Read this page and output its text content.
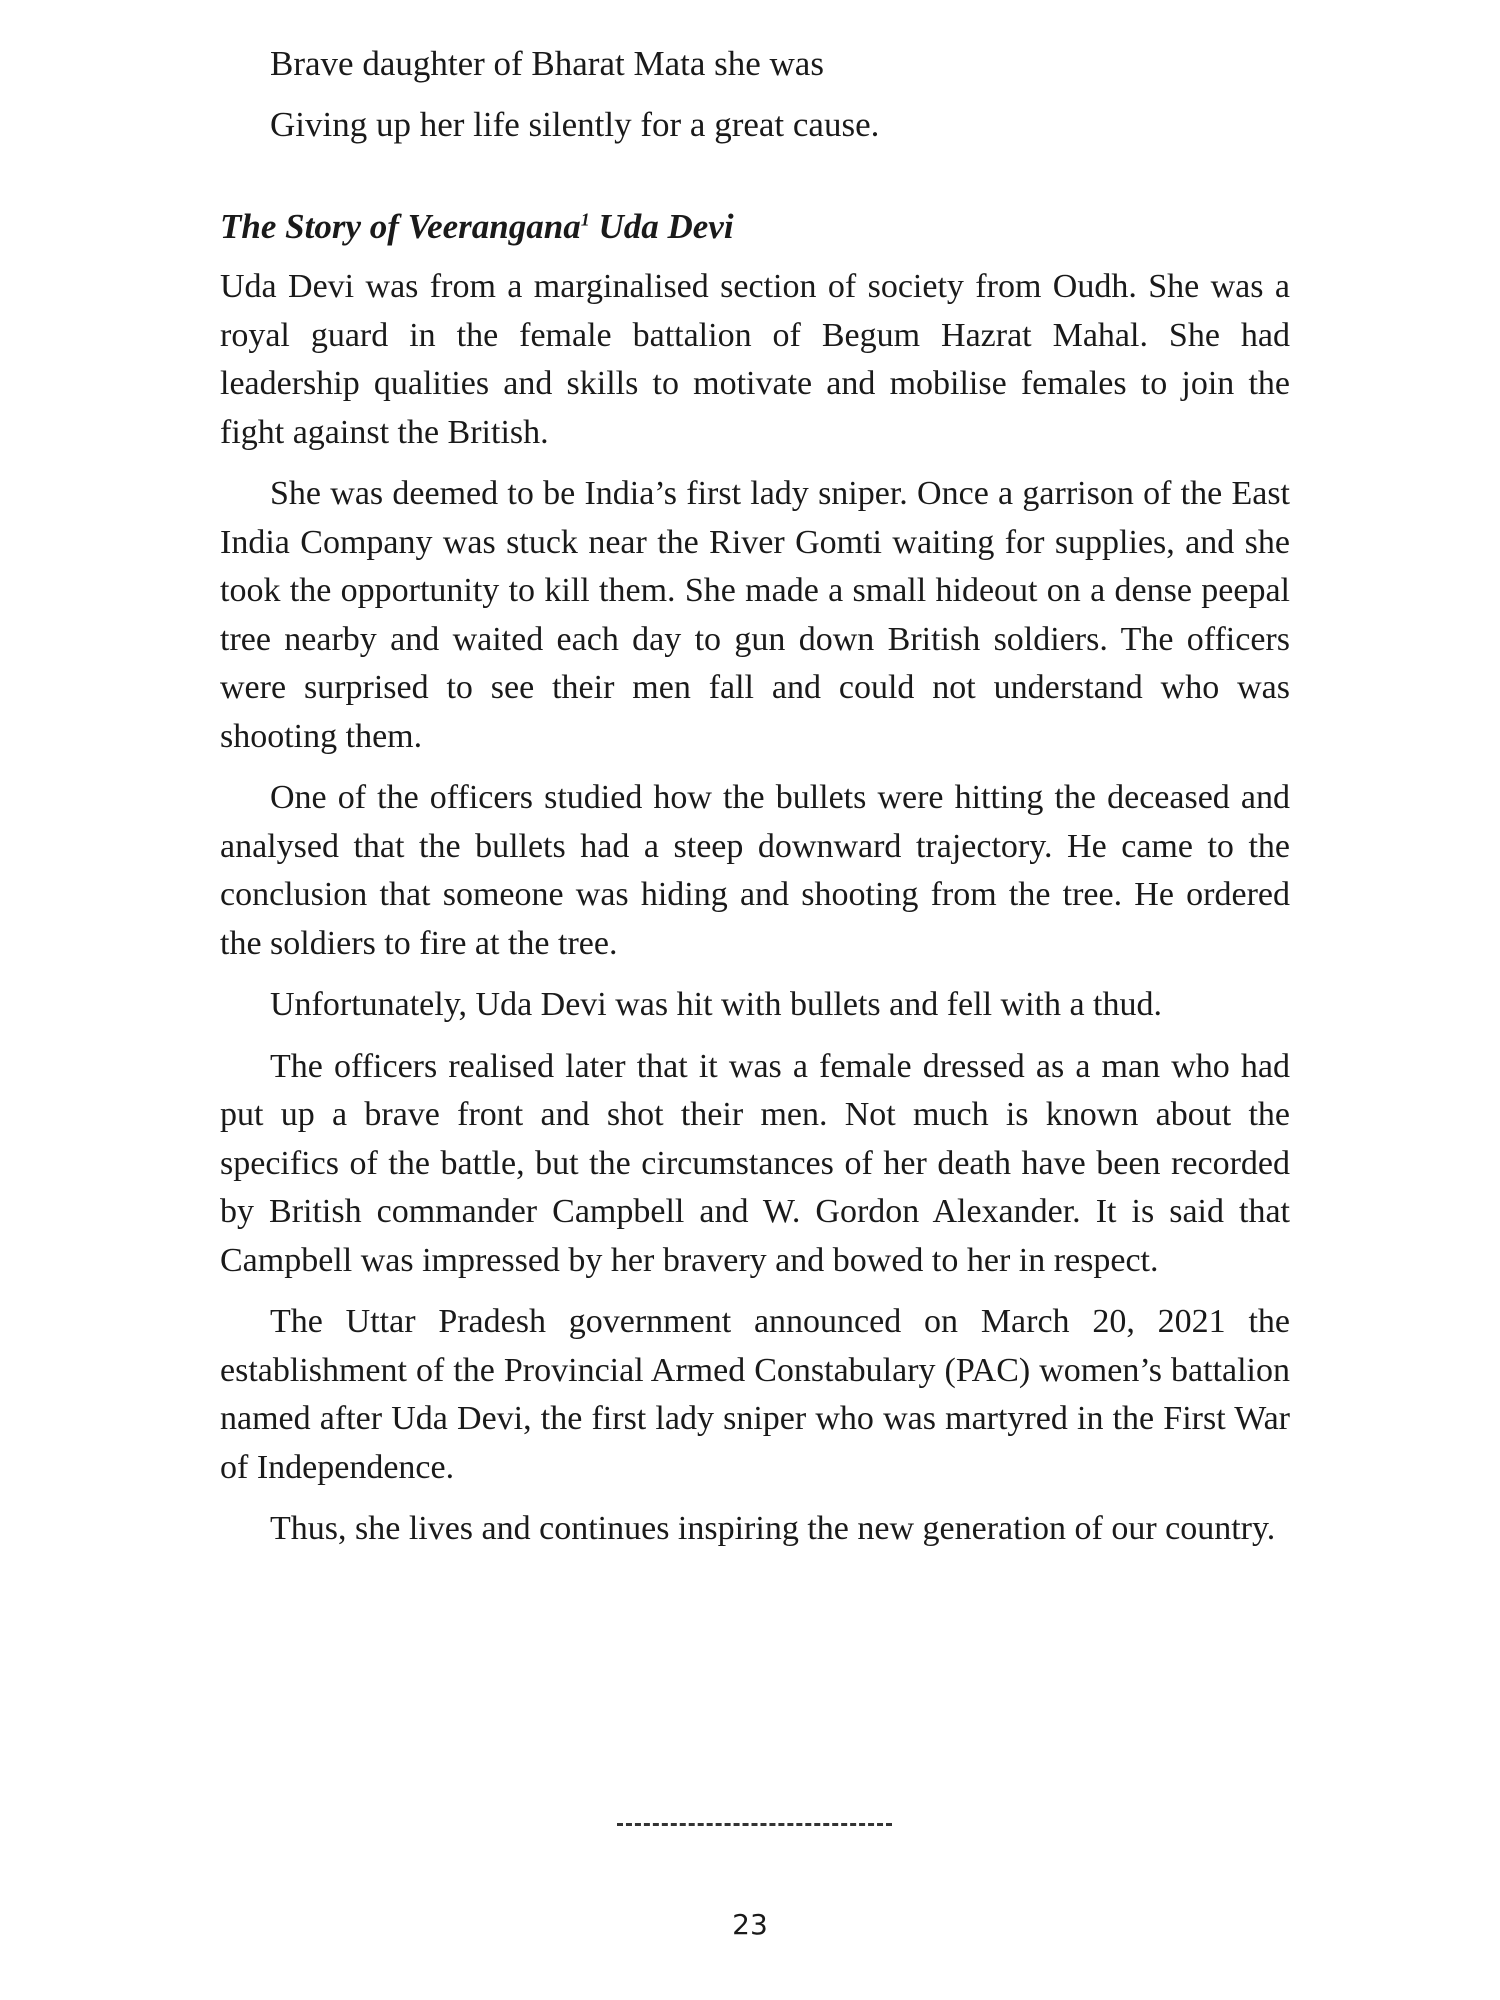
Brave daughter of Bharat Mata she was

Giving up her life silently for a great cause.

The Story of Veerangana$^1$ Uda Devi

Uda Devi was from a marginalised section of society from Oudh. She was a royal guard in the female battalion of Begum Hazrat Mahal. She had leadership qualities and skills to motivate and mobilise females to join the fight against the British.

She was deemed to be India’s first lady sniper. Once a garrison of the East India Company was stuck near the River Gomti waiting for supplies, and she took the opportunity to kill them. She made a small hideout on a dense peepal tree nearby and waited each day to gun down British soldiers. The officers were surprised to see their men fall and could not understand who was shooting them.

One of the officers studied how the bullets were hitting the deceased and analysed that the bullets had a steep downward trajectory. He came to the conclusion that someone was hiding and shooting from the tree. He ordered the soldiers to fire at the tree.

Unfortunately, Uda Devi was hit with bullets and fell with a thud.

The officers realised later that it was a female dressed as a man who had put up a brave front and shot their men. Not much is known about the specifics of the battle, but the circumstances of her death have been recorded by British commander Campbell and W. Gordon Alexander. It is said that Campbell was impressed by her bravery and bowed to her in respect.

The Uttar Pradesh government announced on March 20, 2021 the establishment of the Provincial Armed Constabulary (PAC) women’s battalion named after Uda Devi, the first lady sniper who was martyred in the First War of Independence.

Thus, she lives and continues inspiring the new generation of our country.

23
